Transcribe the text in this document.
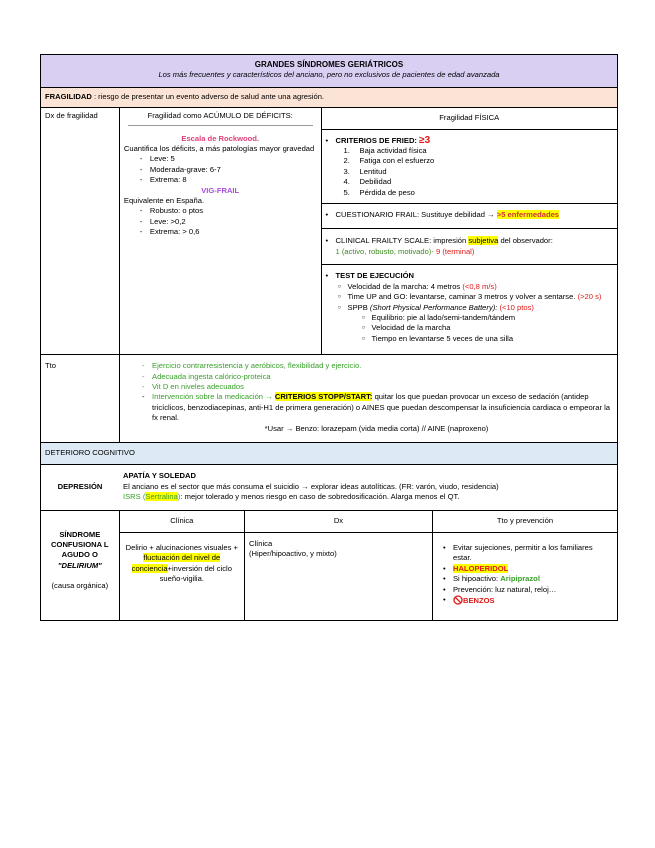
GRANDES SÍNDROMES GERIÁTRICOS
Los más frecuentes y característicos del anciano, pero no exclusivos de pacientes de edad avanzada
FRAGILIDAD : riesgo de presentar un evento adverso de salud ante una agresión.
Dx de fragilidad	Fragilidad como ACÚMULO DE DÉFICITS:
Escala de Rockwood.
Cuantifica los déficits, a más patologías mayor gravedad
- Leve: 5
- Moderada-grave: 6-7
- Extrema: 8
VIG-FRAIL
Equivalente en España.
- Robusto: o ptos
- Leve: >0,2
- Extrema: > 0,6
Fragilidad FÍSICA
• CRITERIOS DE FRIED: ≥3
1. Baja actividad física
2. Fatiga con el esfuerzo
3. Lentitud
4. Debilidad
5. Pérdida de peso
• CUESTIONARIO FRAIL: Sustituye debilidad → >5 enfermedades
• CLINICAL FRAILTY SCALE: impresión subjetiva del observador:
1 (activo, robusto, motivado)- 9 (terminal)
• TEST DE EJECUCIÓN
○ Velocidad de la marcha: 4 metros (<0,8 m/s)
○ Time UP and GO: levantarse, caminar 3 metros y volver a sentarse. (>20 s)
○ SPPB (Short Physical Performance Battery): (<10 ptos)
○ Equilibrio: pie al lado/semi-tandem/tándem
○ Velocidad de la marcha
○ Tiempo en levantarse 5 veces de una silla
Tto
-	Ejercicio contrarresistencia y aeróbicos, flexibilidad y ejercicio.
- Adecuada ingesta calórico-proteica
- Vit D en niveles adecuados
- Intervención sobre la medicación → CRITERIOS STOPP/START: quitar los que puedan provocar un exceso de sedación (antidep tricíclicos, benzodiacepinas, anti-H1 de primera generación) o AINES que puedan descompensar la insuficiencia cardiaca o empeorar la fx renal.
*Usar → Benzo: lorazepam (vida media corta) // AINE (naproxeno)
DETERIORO COGNITIVO
DEPRESIÓN
APATÍA Y SOLEDAD
El anciano es el sector que más consuma el suicidio → explorar ideas autolíticas. (FR: varón, viudo, residencia)
ISRS (Sertralina): mejor tolerado y menos riesgo en caso de sobredosificación. Alarga menos el QT.
SÍNDROME CONFUSIONA L AGUDO O
"DELIRIUM"
(causa orgánica)
Clínica
Delirio + alucinaciones visuales + fluctuación del nivel de conciencia+inversión del ciclo sueño-vigilia.
Dx
Clínica
(Hiper/hipoactivo, y mixto)
Tto y prevención
• Evitar sujeciones, permitir a los familiares estar.
• HALOPERIDOL
• Si hipoactivo: Aripiprazol
• Prevención: luz natural, reloj…
• BENZOS
